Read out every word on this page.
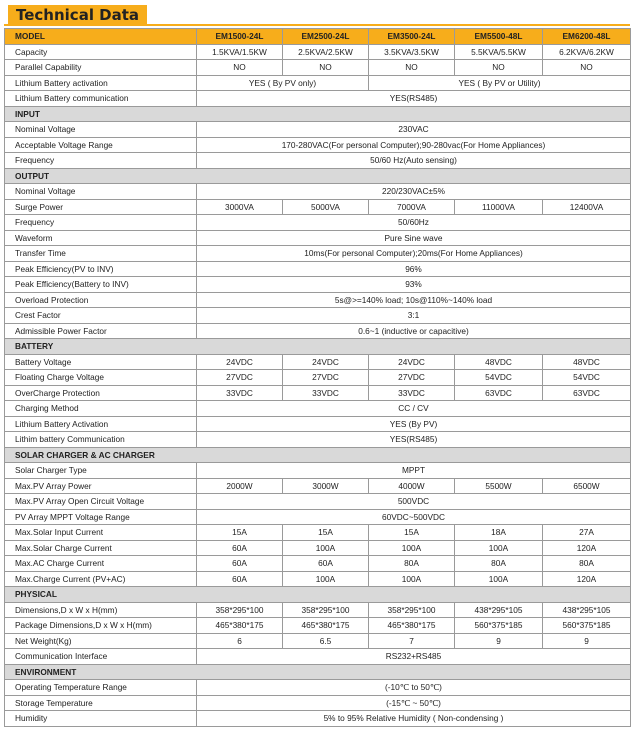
Technical Data
MODEL	EM1500-24L	EM2500-24L	EM3500-24L	EM5500-48L	EM6200-48L
Capacity	1.5KVA/1.5KW	2.5KVA/2.5KW	3.5KVA/3.5KW	5.5KVA/5.5KW	6.2KVA/6.2KW
Parallel Capability	NO	NO	NO	NO	NO
Lithium Battery activation	YES ( By PV only)		YES ( By PV or Utility)		
Lithium Battery communication	YES(RS485)				
INPUT					
Nominal Voltage	230VAC				
Acceptable Voltage Range	170-280VAC(For personal Computer);90-280vac(For Home Appliances)				
Frequency	50/60 Hz(Auto sensing)				
OUTPUT					
Nominal Voltage	220/230VAC±5%				
Surge Power	3000VA	5000VA	7000VA	11000VA	12400VA
Frequency	50/60Hz				
Waveform	Pure Sine wave				
Transfer Time	10ms(For personal Computer);20ms(For Home Appliances)				
Peak Efficiency(PV to INV)	96%				
Peak Efficiency(Battery to INV)	93%				
Overload Protection	5s@>=140% load; 10s@110%~140% load				
Crest Factor	3:1				
Admissible Power Factor	0.6~1 (inductive or capacitive)				
BATTERY					
Battery Voltage	24VDC	24VDC	24VDC	48VDC	48VDC
Floating Charge Voltage	27VDC	27VDC	27VDC	54VDC	54VDC
OverCharge Protection	33VDC	33VDC	33VDC	63VDC	63VDC
Charging Method	CC / CV				
Lithium Battery Activation	YES (By PV)				
Lithim battery Communication	YES(RS485)				
SOLAR CHARGER & AC CHARGER					
Solar Charger Type	MPPT				
Max.PV Array Power	2000W	3000W	4000W	5500W	6500W
Max.PV Array Open Circuit Voltage	500VDC				
PV Array MPPT Voltage Range	60VDC~500VDC				
Max.Solar Input Current	15A	15A	15A	18A	27A
Max.Solar Charge Current	60A	100A	100A	100A	120A
Max.AC Charge Current	60A	60A	80A	80A	80A
Max.Charge Current (PV+AC)	60A	100A	100A	100A	120A
PHYSICAL					
Dimensions,D x W x H(mm)	358*295*100	358*295*100	358*295*100	438*295*105	438*295*105
Package Dimensions,D x W x H(mm)	465*380*175	465*380*175	465*380*175	560*375*185	560*375*185
Net Weight(Kg)	6	6.5	7	9	9
Communication Interface	RS232+RS485				
ENVIRONMENT					
Operating Temperature Range	(-10℃ to 50℃)				
Storage Temperature	(-15℃ ~ 50℃)				
Humidity	5% to 95% Relative Humidity ( Non-condensing )				
